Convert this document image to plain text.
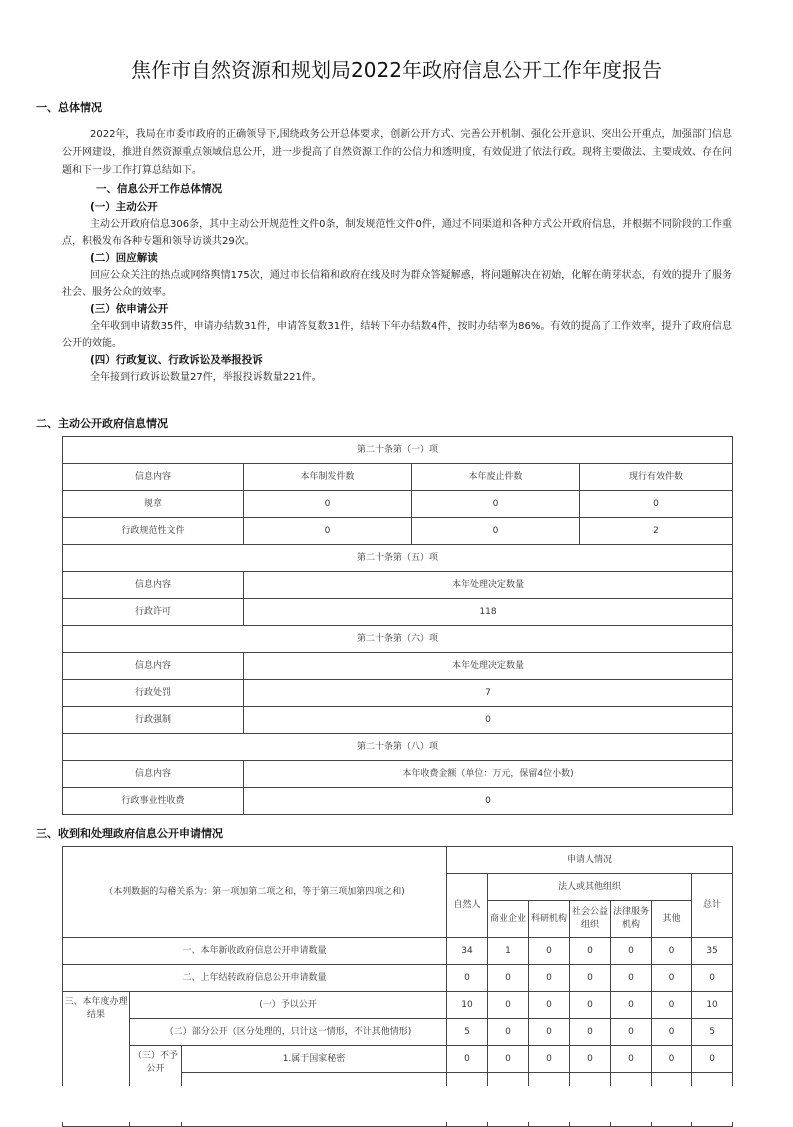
焦作市自然资源和规划局2022年政府信息公开工作年度报告
一、总体情况
2022年，我局在市委市政府的正确领导下,围绕政务公开总体要求，创新公开方式、完善公开机制、强化公开意识、突出公开重点，加强部门信息公开网建设，推进自然资源重点领域信息公开，进一步提高了自然资源工作的公信力和透明度，有效促进了依法行政。现将主要做法、主要成效、存在问题和下一步工作打算总结如下。
一、信息公开工作总体情况
(一）主动公开
主动公开政府信息306条，其中主动公开规范性文件0条，制发规范性文件0件，通过不同渠道和各种方式公开政府信息，并根据不同阶段的工作重点，积极发布各种专题和领导访谈共29次。
(二）回应解读
回应公众关注的热点或网络舆情175次，通过市长信箱和政府在线及时为群众答疑解惑，将问题解决在初始，化解在萌芽状态，有效的提升了服务社会、服务公众的效率。
(三）依申请公开
全年收到申请数35件，申请办结数31件，申请答复数31件，结转下年办结数4件，按时办结率为86%。有效的提高了工作效率，提升了政府信息公开的效能。
(四）行政复议、行政诉讼及举报投诉
全年接到行政诉讼数量27件，举报投诉数量221件。
二、主动公开政府信息情况
第二十条第（一）项			
信息内容	本年制发件数	本年废止件数	现行有效件数
规章	0	0	0
行政规范性文件	0	0	2
第二十条第（五）项			
信息内容	本年处理决定数量		
行政许可	118		
第二十条第（六）项			
信息内容	本年处理决定数量		
行政处罚	7		
行政强制	0		
第二十条第（八）项			
信息内容	本年收费金额（单位：万元，保留4位小数)		
行政事业性收费	0		
三、收到和处理政府信息公开申请情况
（本列数据的勾稽关系为：第一项加第二项之和，等于第三项加第四项之和)			申请人情况						
			自然人	法人或其他组织					总计
				商业企业	科研机构	社会公益组织	法律服务机构	其他	
一、本年新收政府信息公开申请数量			34	1	0	0	0	0	35
二、上年结转政府信息公开申请数量			0	0	0	0	0	0	0
三、本年度办理结果	(一）予以公开		10	0	0	0	0	0	10
	（二）部分公开（区分处理的，只计这一情形，不计其他情形)		5	0	0	0	0	0	5
	（三）不予公开	1.属于国家秘密	0	0	0	0	0	0	0
